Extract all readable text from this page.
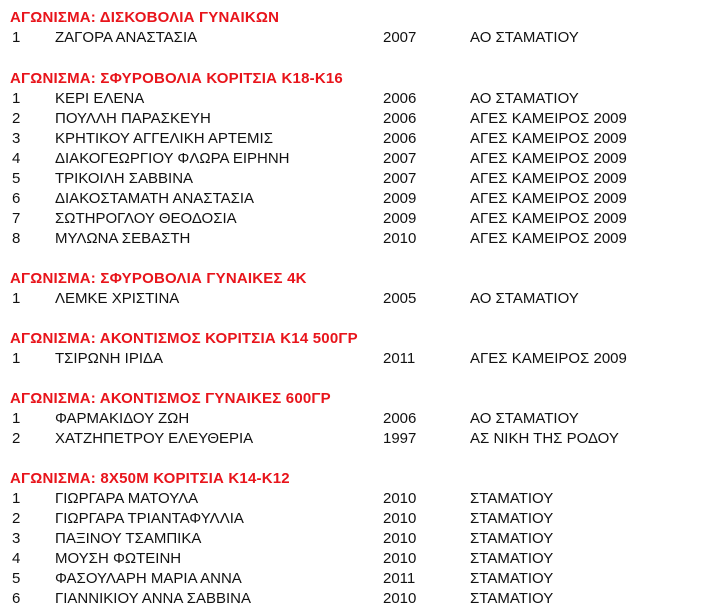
ΑΓΩΝΙΣΜΑ: ΔΙΣΚΟΒΟΛΙΑ ΓΥΝΑΙΚΩΝ
1 ΖΑΓΟΡΑ ΑΝΑΣΤΑΣΙΑ	2007	ΑΟ ΣΤΑΜΑΤΙΟΥ
ΑΓΩΝΙΣΜΑ: ΣΦΥΡΟΒΟΛΙΑ ΚΟΡΙΤΣΙΑ Κ18-Κ16
1 ΚΕΡΙ ΕΛΕΝΑ	2006	ΑΟ ΣΤΑΜΑΤΙΟΥ
2 ΠΟΥΛΛΗ ΠΑΡΑΣΚΕΥΗ	2006	ΑΓΕΣ ΚΑΜΕΙΡΟΣ 2009
3 ΚΡΗΤΙΚΟΥ ΑΓΓΕΛΙΚΗ ΑΡΤΕΜΙΣ	2006	ΑΓΕΣ ΚΑΜΕΙΡΟΣ 2009
4 ΔΙΑΚΟΓΕΩΡΓΙΟΥ ΦΛΩΡΑ ΕΙΡΗΝΗ	2007	ΑΓΕΣ ΚΑΜΕΙΡΟΣ 2009
5 ΤΡΙΚΟΙΛΗ ΣΑΒΒΙΝΑ	2007	ΑΓΕΣ ΚΑΜΕΙΡΟΣ 2009
6 ΔΙΑΚΟΣΤΑΜΑΤΗ ΑΝΑΣΤΑΣΙΑ	2009	ΑΓΕΣ ΚΑΜΕΙΡΟΣ 2009
7 ΣΩΤΗΡΟΓΛΟΥ ΘΕΟΔΟΣΙΑ	2009	ΑΓΕΣ ΚΑΜΕΙΡΟΣ 2009
8 ΜΥΛΩΝΑ ΣΕΒΑΣΤΗ	2010	ΑΓΕΣ ΚΑΜΕΙΡΟΣ 2009
ΑΓΩΝΙΣΜΑ: ΣΦΥΡΟΒΟΛΙΑ ΓΥΝΑΙΚΕΣ 4Κ
1 ΛΕΜΚΕ ΧΡΙΣΤΙΝΑ	2005	ΑΟ ΣΤΑΜΑΤΙΟΥ
ΑΓΩΝΙΣΜΑ: ΑΚΟΝΤΙΣΜΟΣ ΚΟΡΙΤΣΙΑ Κ14 500ΓΡ
1 ΤΣΙΡΩΝΗ ΙΡΙΔΑ	2011	ΑΓΕΣ ΚΑΜΕΙΡΟΣ 2009
ΑΓΩΝΙΣΜΑ: ΑΚΟΝΤΙΣΜΟΣ ΓΥΝΑΙΚΕΣ 600ΓΡ
1 ΦΑΡΜΑΚΙΔΟΥ ΖΩΗ	2006	ΑΟ ΣΤΑΜΑΤΙΟΥ
2 ΧΑΤΖΗΠΕΤΡΟΥ ΕΛΕΥΘΕΡΙΑ	1997	ΑΣ ΝΙΚΗ ΤΗΣ ΡΟΔΟΥ
ΑΓΩΝΙΣΜΑ: 8Χ50Μ ΚΟΡΙΤΣΙΑ Κ14-Κ12
1 ΓΙΩΡΓΑΡΑ ΜΑΤΟΥΛΑ	2010	ΣΤΑΜΑΤΙΟΥ
2 ΓΙΩΡΓΑΡΑ ΤΡΙΑΝΤΑΦΥΛΛΙΑ	2010	ΣΤΑΜΑΤΙΟΥ
3 ΠΑΞΙΝΟΥ ΤΣΑΜΠΙΚΑ	2010	ΣΤΑΜΑΤΙΟΥ
4 ΜΟΥΣΗ ΦΩΤΕΙΝΗ	2010	ΣΤΑΜΑΤΙΟΥ
5 ΦΑΣΟΥΛΑΡΗ ΜΑΡΙΑ ΑΝΝΑ	2011	ΣΤΑΜΑΤΙΟΥ
6 ΓΙΑΝΝΙΚΙΟΥ ΑΝΝΑ ΣΑΒΒΙΝΑ	2010	ΣΤΑΜΑΤΙΟΥ
